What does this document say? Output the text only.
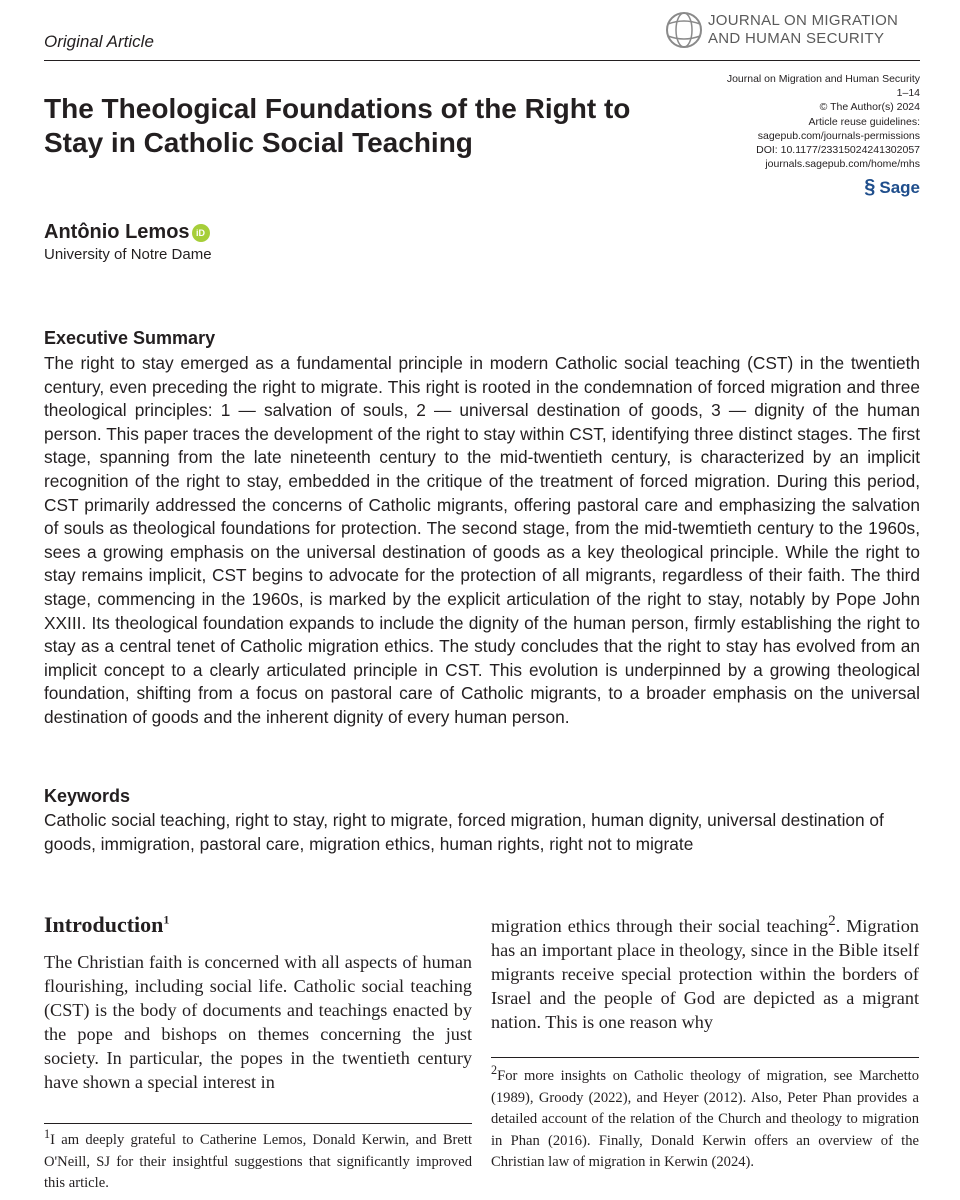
Original Article
JOURNAL ON MIGRATION
AND HUMAN SECURITY
Journal on Migration and Human Security
1–14
© The Author(s) 2024
Article reuse guidelines:
sagepub.com/journals-permissions
DOI: 10.1177/23315024241302057
journals.sagepub.com/home/mhs
§ Sage
The Theological Foundations of the Right to Stay in Catholic Social Teaching
Antônio Lemos iD
University of Notre Dame
Executive Summary
The right to stay emerged as a fundamental principle in modern Catholic social teaching (CST) in the twentieth century, even preceding the right to migrate. This right is rooted in the condemnation of forced migration and three theological principles: 1 — salvation of souls, 2 — universal destination of goods, 3 — dignity of the human person. This paper traces the development of the right to stay within CST, identifying three distinct stages. The first stage, spanning from the late nineteenth century to the mid-twentieth century, is characterized by an implicit recognition of the right to stay, embedded in the critique of the treatment of forced migration. During this period, CST primarily addressed the concerns of Catholic migrants, offering pastoral care and emphasizing the salvation of souls as theological foundations for protection. The second stage, from the mid-twemtieth century to the 1960s, sees a growing emphasis on the universal destination of goods as a key theological principle. While the right to stay remains implicit, CST begins to advocate for the protection of all migrants, regardless of their faith. The third stage, commencing in the 1960s, is marked by the explicit articulation of the right to stay, notably by Pope John XXIII. Its theological foundation expands to include the dignity of the human person, firmly establishing the right to stay as a central tenet of Catholic migration ethics. The study concludes that the right to stay has evolved from an implicit concept to a clearly articulated principle in CST. This evolution is underpinned by a growing theological foundation, shifting from a focus on pastoral care of Catholic migrants, to a broader emphasis on the universal destination of goods and the inherent dignity of every human person.
Keywords
Catholic social teaching, right to stay, right to migrate, forced migration, human dignity, universal destination of goods, immigration, pastoral care, migration ethics, human rights, right not to migrate
Introduction$^1$
The Christian faith is concerned with all aspects of human flourishing, including social life. Catholic social teaching (CST) is the body of documents and teachings enacted by the pope and bishops on themes concerning the just society. In particular, the popes in the twentieth century have shown a special interest in
migration ethics through their social teaching$^2$. Migration has an important place in theology, since in the Bible itself migrants receive special protection within the borders of Israel and the people of God are depicted as a migrant nation. This is one reason why
$^1$I am deeply grateful to Catherine Lemos, Donald Kerwin, and Brett O'Neill, SJ for their insightful suggestions that significantly improved this article.
$^2$For more insights on Catholic theology of migration, see Marchetto (1989), Groody (2022), and Heyer (2012). Also, Peter Phan provides a detailed account of the relation of the Church and theology to migration in Phan (2016). Finally, Donald Kerwin offers an overview of the Christian law of migration in Kerwin (2024).
